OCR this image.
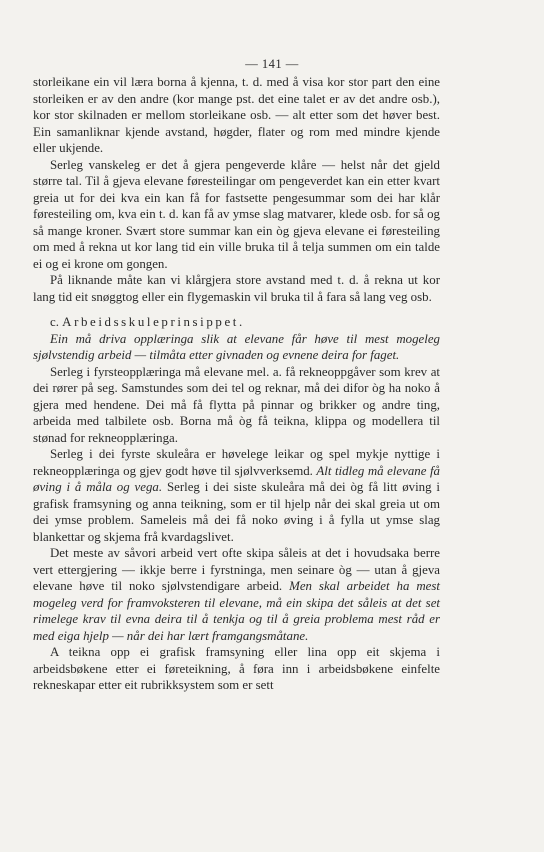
— 141 —

storleikane ein vil læra borna å kjenna, t. d. med å visa kor stor part den eine storleiken er av den andre (kor mange pst. det eine talet er av det andre osb.), kor stor skilnaden er mellom storleikane osb. — alt etter som det høver best. Ein samanliknar kjende avstand, høgder, flater og rom med mindre kjende eller ukjende.

Serleg vanskeleg er det å gjera pengeverde klåre — helst når det gjeld større tal. Til å gjeva elevane føresteilingar om pengeverdet kan ein etter kvart greia ut for dei kva ein kan få for fastsette pengesummar som dei har klår føresteiling om, kva ein t. d. kan få av ymse slag matvarer, klede osb. for så og så mange kroner. Svært store summar kan ein òg gjeva elevane ei føresteiling om med å rekna ut kor lang tid ein ville bruka til å telja summen om ein talde ei og ei krone om gongen.

På liknande måte kan vi klårgjera store avstand med t. d. å rekna ut kor lang tid eit snøggtog eller ein flygemaskin vil bruka til å fara så lang veg osb.

c. Arbeidsskuleprinsippet.

Ein må driva opplæringa slik at elevane får høve til mest mogeleg sjølvstendig arbeid — tilmåta etter givnaden og evnene deira for faget.

Serleg i fyrsteopplæringa må elevane mel. a. få rekneoppgåver som krev at dei rører på seg. Samstundes som dei tel og reknar, må dei difor òg ha noko å gjera med hendene. Dei må få flytta på pinnar og brikker og andre ting, arbeida med talbilete osb. Borna må òg få teikna, klippa og modellera til stønad for rekneopplæringa.

Serleg i dei fyrste skuleåra er høvelege leikar og spel mykje nyttige i rekneopplæringa og gjev godt høve til sjølvverksemd. Alt tidleg må elevane få øving i å måla og vega. Serleg i dei siste skuleåra må dei òg få litt øving i grafisk framsyning og anna teikning, som er til hjelp når dei skal greia ut om dei ymse problem. Sameleis må dei få noko øving i å fylla ut ymse slag blankettar og skjema frå kvardagslivet.

Det meste av såvori arbeid vert ofte skipa såleis at det i hovudsaka berre vert ettergjering — ikkje berre i fyrstninga, men seinare òg — utan å gjeva elevane høve til noko sjølvstendigare arbeid. Men skal arbeidet ha mest mogeleg verd for framvoksteren til elevane, må ein skipa det såleis at det set rimelege krav til evna deira til å tenkja og til å greia problema mest råd er med eiga hjelp — når dei har lært framgangsmåtane.

A teikna opp ei grafisk framsyning eller lina opp eit skjema i arbeidsbøkene etter ei føreteikning, å føra inn i arbeidsbøkene einfelte rekneskapar etter eit rubrikksystem som er sett
